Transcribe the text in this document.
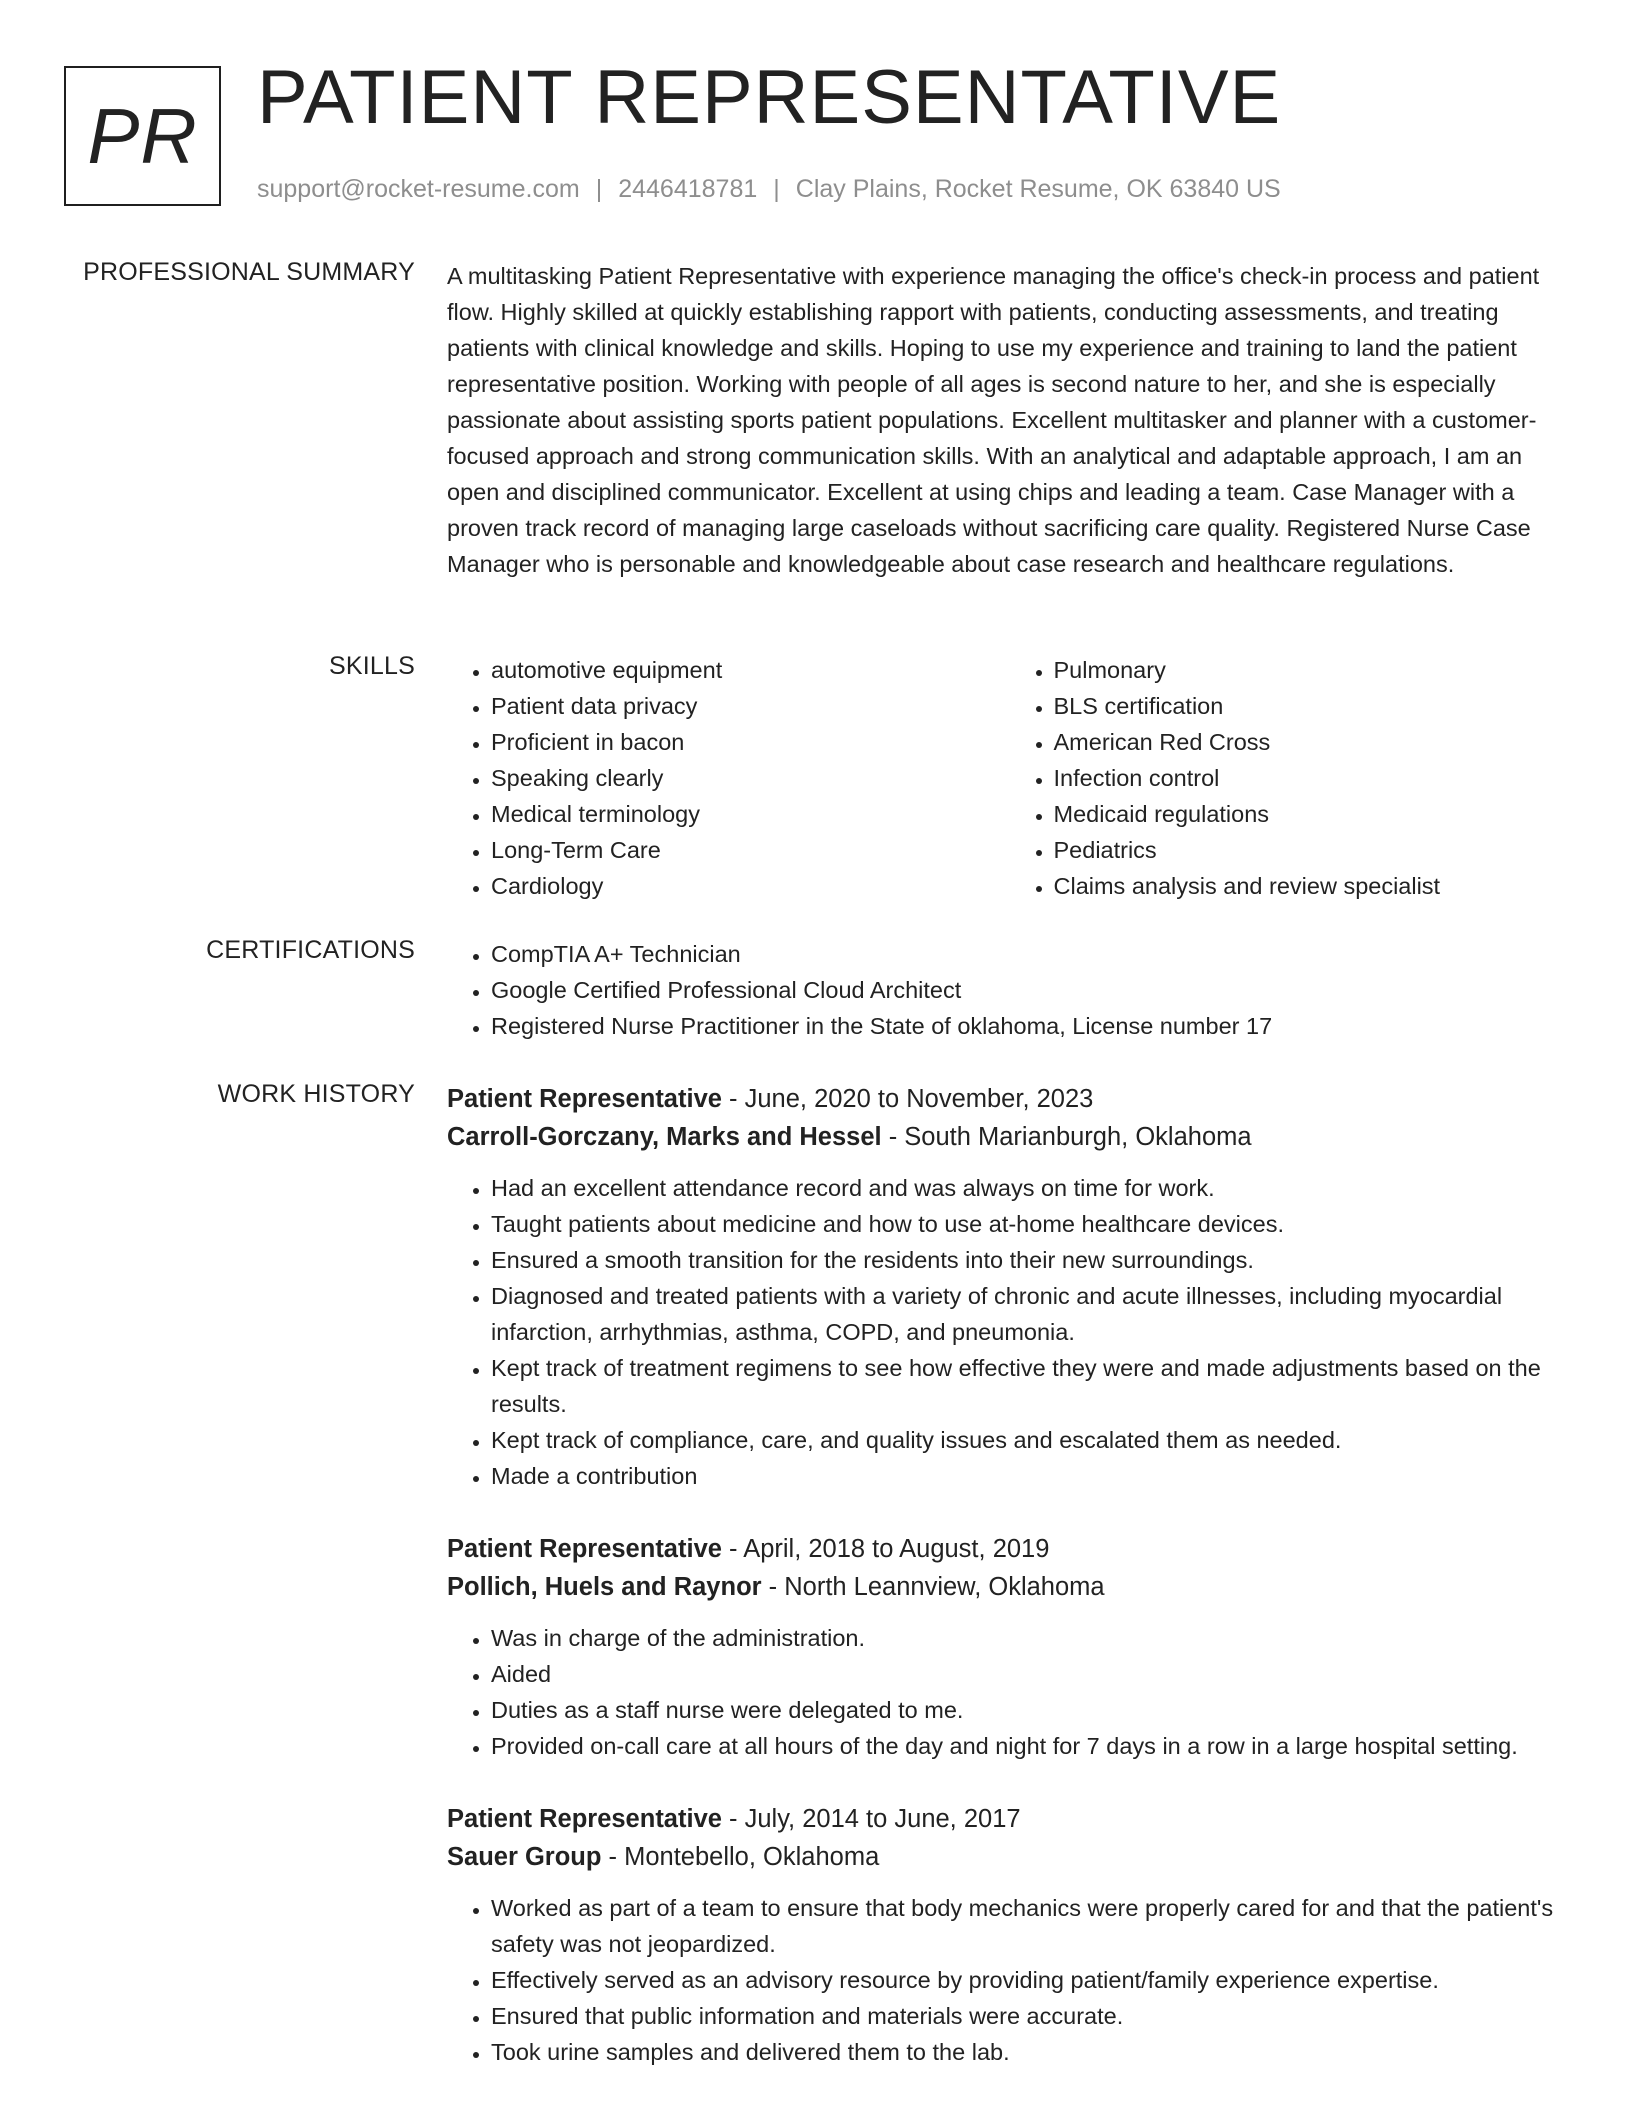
PR PATIENT REPRESENTATIVE
support@rocket-resume.com | 2446418781 | Clay Plains, Rocket Resume, OK 63840 US
PROFESSIONAL SUMMARY A multitasking Patient Representative with experience managing the office's check-in process and patient flow. Highly skilled at quickly establishing rapport with patients, conducting assessments, and treating patients with clinical knowledge and skills. Hoping to use my experience and training to land the patient representative position. Working with people of all ages is second nature to her, and she is especially passionate about assisting sports patient populations. Excellent multitasker and planner with a customer-focused approach and strong communication skills. With an analytical and adaptable approach, I am an open and disciplined communicator. Excellent at using chips and leading a team. Case Manager with a proven track record of managing large caseloads without sacrificing care quality. Registered Nurse Case Manager who is personable and knowledgeable about case research and healthcare regulations.
SKILLS	• automotive equipment
• Patient data privacy
• Proficient in bacon
• Speaking clearly
• Medical terminology
• Long-Term Care
• Cardiology
• Pulmonary
• BLS certification
• American Red Cross
• Infection control
• Medicaid regulations
• Pediatrics
• Claims analysis and review specialist
CERTIFICATIONS	• CompTIA A+ Technician
• Google Certified Professional Cloud Architect
• Registered Nurse Practitioner in the State of oklahoma, License number 17
WORK HISTORY Patient Representative - June, 2020 to November, 2023
Carroll-Gorczany, Marks and Hessel - South Marianburgh, Oklahoma
• Had an excellent attendance record and was always on time for work.
• Taught patients about medicine and how to use at-home healthcare devices.
• Ensured a smooth transition for the residents into their new surroundings.
• Diagnosed and treated patients with a variety of chronic and acute illnesses, including myocardial infarction, arrhythmias, asthma, COPD, and pneumonia.
• Kept track of treatment regimens to see how effective they were and made adjustments based on the results.
• Kept track of compliance, care, and quality issues and escalated them as needed.
• Made a contribution
Patient Representative - April, 2018 to August, 2019
Pollich, Huels and Raynor - North Leannview, Oklahoma
• Was in charge of the administration.
• Aided
• Duties as a staff nurse were delegated to me.
• Provided on-call care at all hours of the day and night for 7 days in a row in a large hospital setting.
Patient Representative - July, 2014 to June, 2017
Sauer Group - Montebello, Oklahoma
• Worked as part of a team to ensure that body mechanics were properly cared for and that the patient's safety was not jeopardized.
• Effectively served as an advisory resource by providing patient/family experience expertise.
• Ensured that public information and materials were accurate.
• Took urine samples and delivered them to the lab.
